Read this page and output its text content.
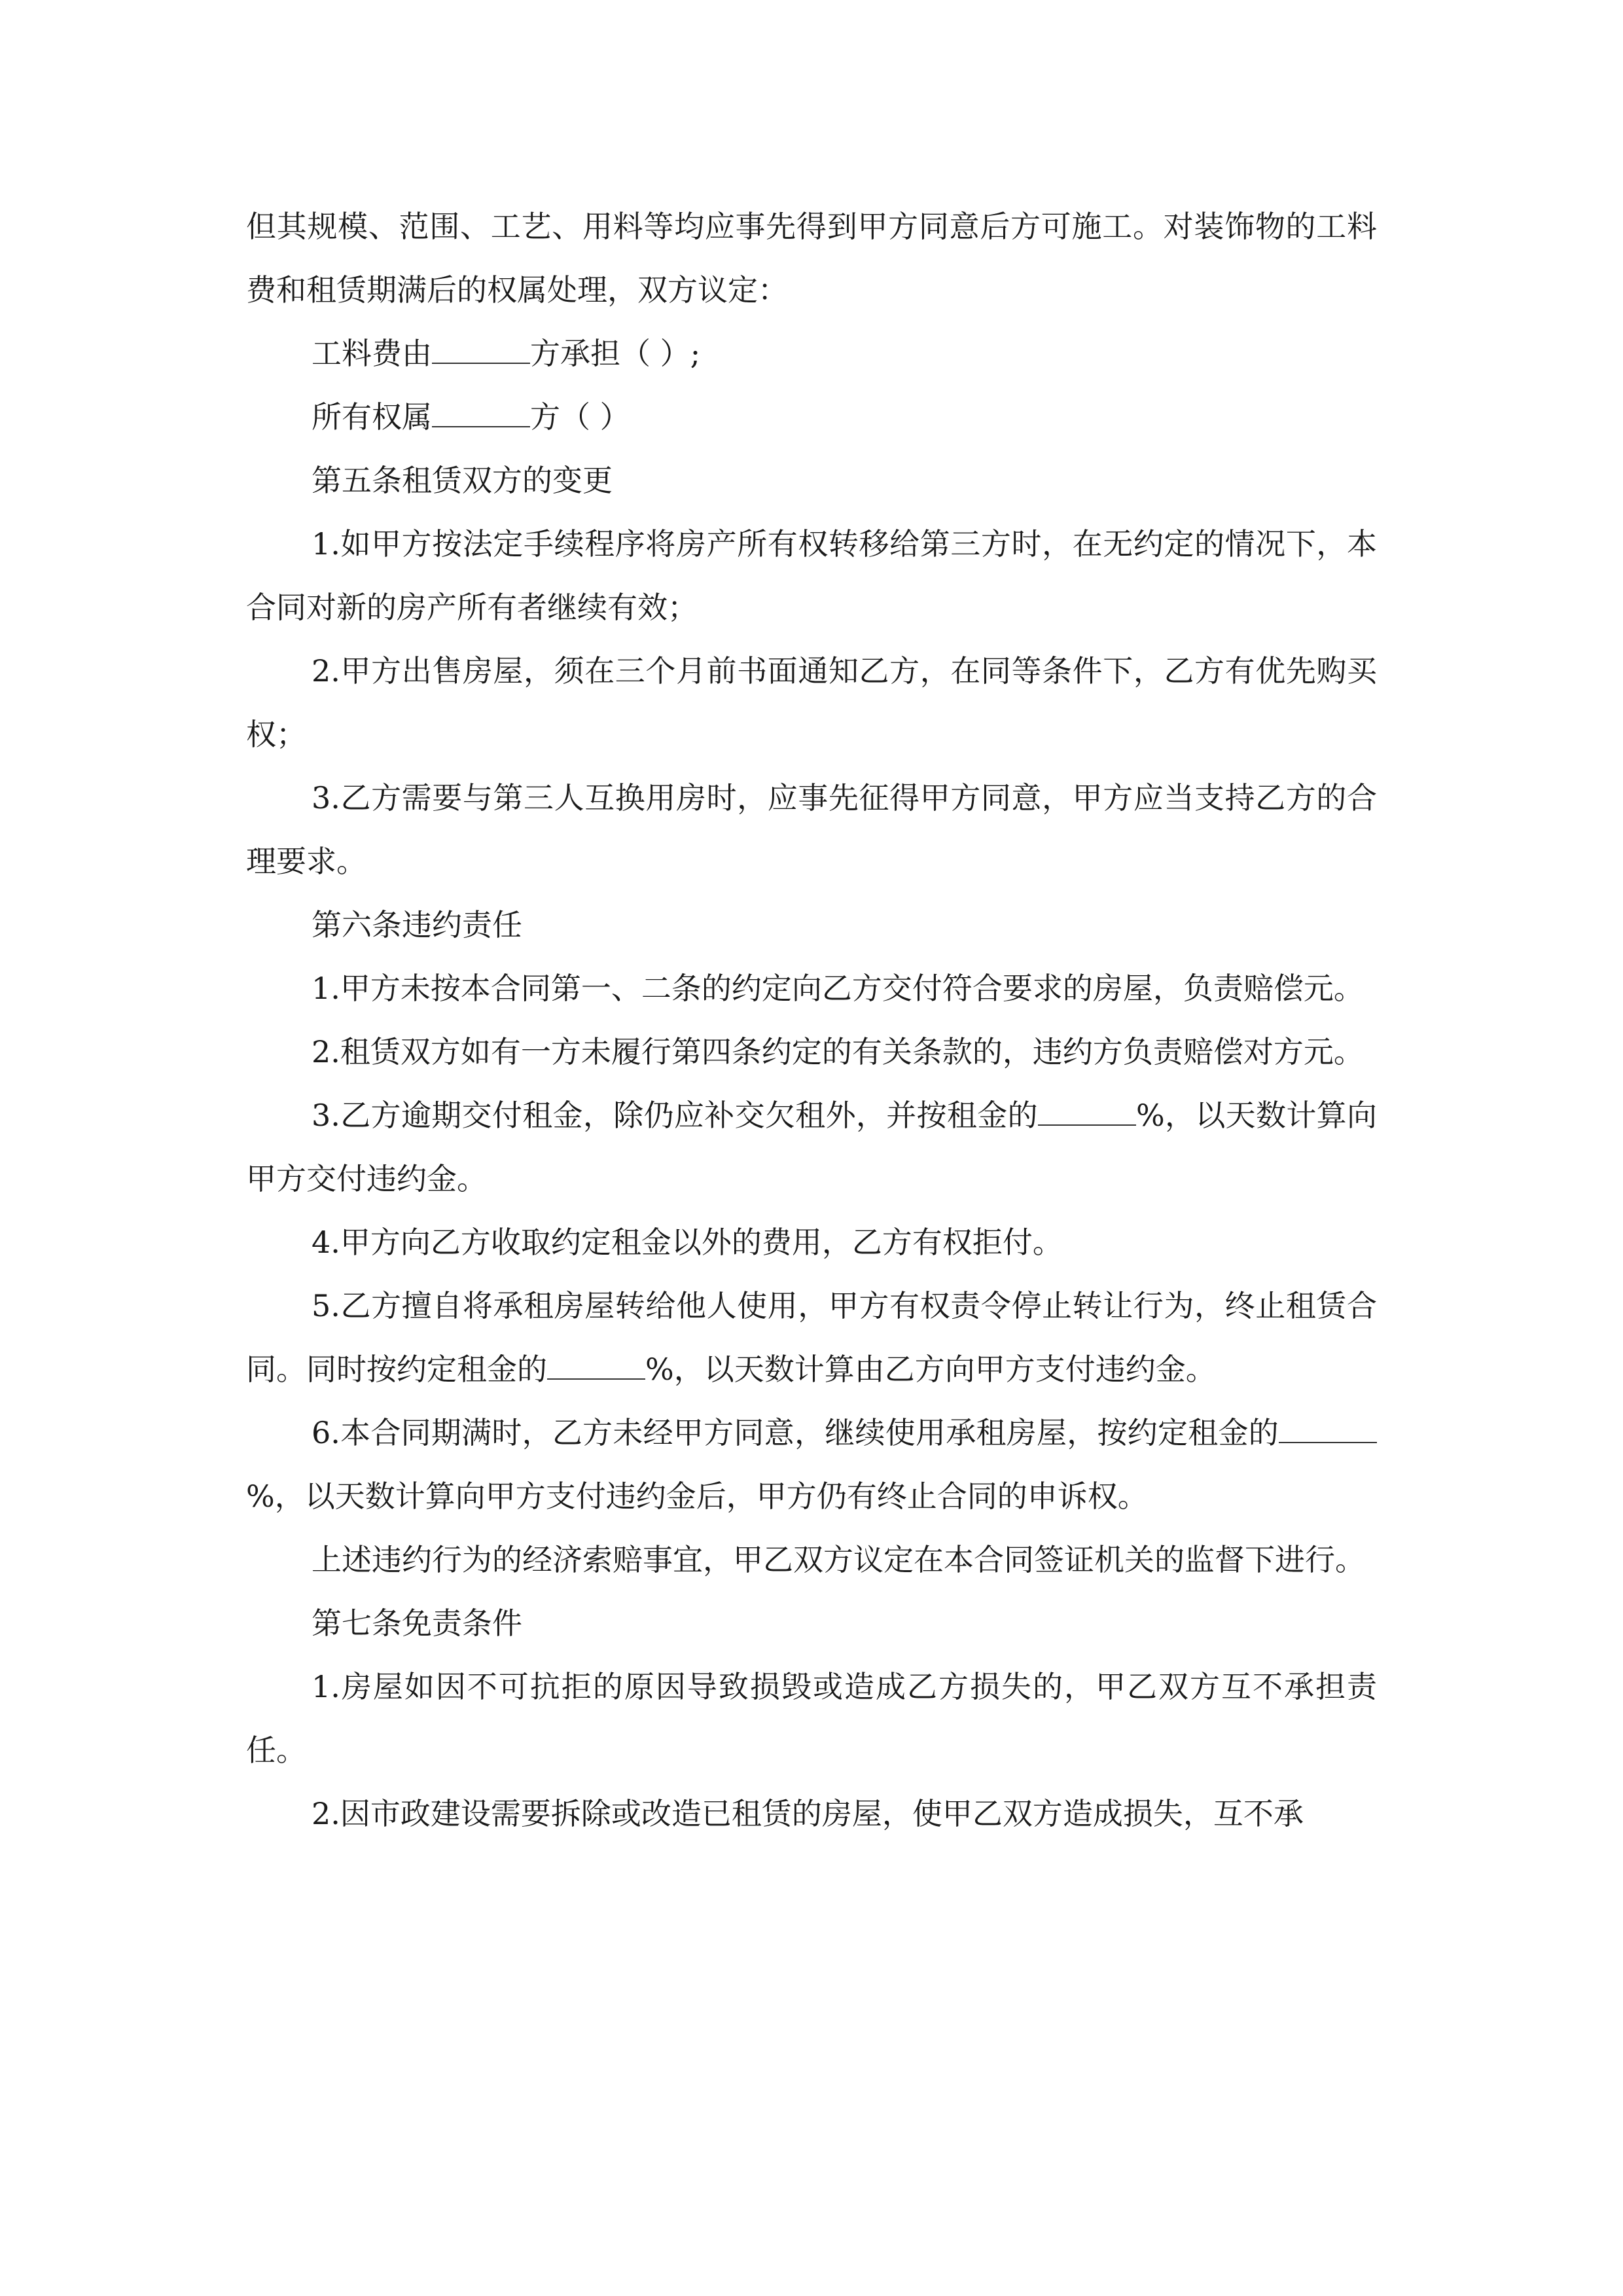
但其规模、范围、工艺、用料等均应事先得到甲方同意后方可施工。对装饰物的工料费和租赁期满后的权属处理，双方议定：

工料费由	方承担（ ）;

所有权属	方（ ）

第五条租赁双方的变更

1.如甲方按法定手续程序将房产所有权转移给第三方时，在无约定的情况下，本合同对新的房产所有者继续有效；

2.甲方出售房屋，须在三个月前书面通知乙方，在同等条件下，乙方有优先购买权；

3.乙方需要与第三人互换用房时，应事先征得甲方同意，甲方应当支持乙方的合理要求。

第六条违约责任

1.甲方未按本合同第一、二条的约定向乙方交付符合要求的房屋，负责赔偿元。

2.租赁双方如有一方未履行第四条约定的有关条款的，违约方负责赔偿对方元。

3.乙方逾期交付租金，除仍应补交欠租外，并按租金的	%，以天数计算向甲方交付违约金。

4.甲方向乙方收取约定租金以外的费用，乙方有权拒付。

5.乙方擅自将承租房屋转给他人使用，甲方有权责令停止转让行为，终止租赁合同。同时按约定租金的	%，以天数计算由乙方向甲方支付违约金。

6.本合同期满时，乙方未经甲方同意，继续使用承租房屋，按约定租金的%，以天数计算向甲方支付违约金后，甲方仍有终止合同的申诉权。

上述违约行为的经济索赔事宜，甲乙双方议定在本合同签证机关的监督下进行。

第七条免责条件

1.房屋如因不可抗拒的原因导致损毁或造成乙方损失的，甲乙双方互不承担责任。

2.因市政建设需要拆除或改造已租赁的房屋，使甲乙双方造成损失，互不承
